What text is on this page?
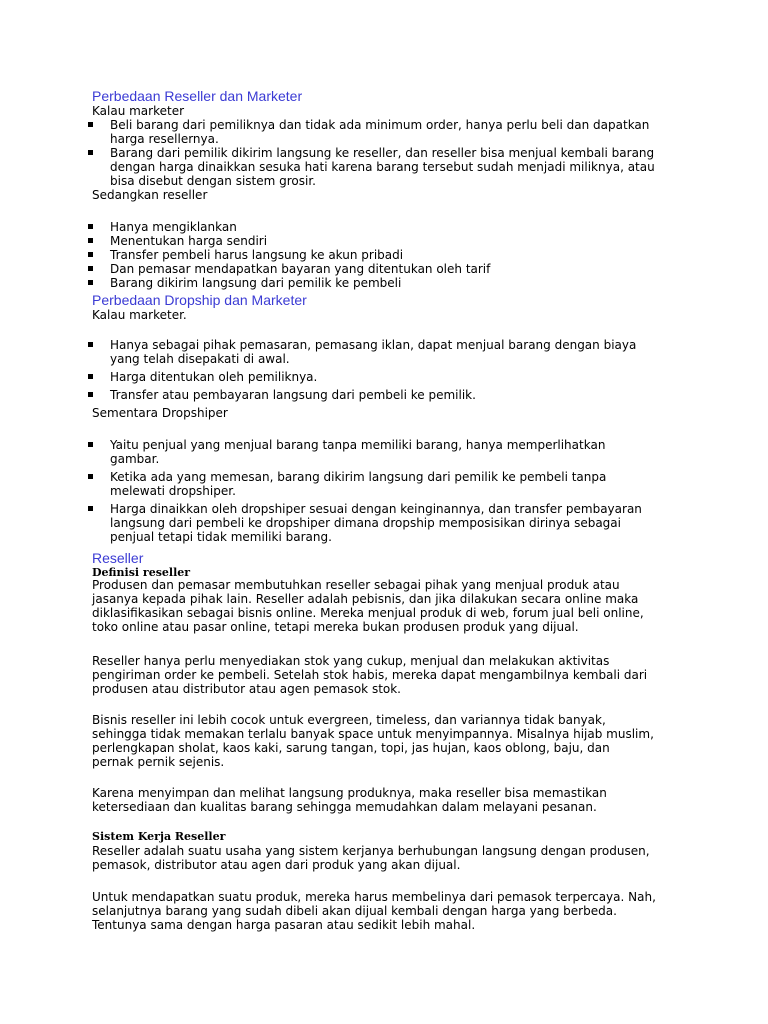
Perbedaan Reseller dan Marketer
Kalau marketer
Beli barang dari pemiliknya dan tidak ada minimum order, hanya perlu beli dan dapatkan
harga resellernya.
Barang dari pemilik dikirim langsung ke reseller, dan reseller bisa menjual kembali barang
dengan harga dinaikkan sesuka hati karena barang tersebut sudah menjadi miliknya, atau
bisa disebut dengan sistem grosir.
Sedangkan reseller
Hanya mengiklankan
Menentukan harga sendiri
Transfer pembeli harus langsung ke akun pribadi
Dan pemasar mendapatkan bayaran yang ditentukan oleh tarif
Barang dikirim langsung dari pemilik ke pembeli
Perbedaan Dropship dan Marketer
Kalau marketer.
Hanya sebagai pihak pemasaran, pemasang iklan, dapat menjual barang dengan biaya
yang telah disepakati di awal.
Harga ditentukan oleh pemiliknya.
Transfer atau pembayaran langsung dari pembeli ke pemilik.
Sementara Dropshiper
Yaitu penjual yang menjual barang tanpa memiliki barang, hanya memperlihatkan
gambar.
Ketika ada yang memesan, barang dikirim langsung dari pemilik ke pembeli tanpa
melewati dropshiper.
Harga dinaikkan oleh dropshiper sesuai dengan keinginannya, dan transfer pembayaran
langsung dari pembeli ke dropshiper dimana dropship memposisikan dirinya sebagai
penjual tetapi tidak memiliki barang.
Reseller
Definisi reseller
Produsen dan pemasar membutuhkan reseller sebagai pihak yang menjual produk atau
jasanya kepada pihak lain. Reseller adalah pebisnis, dan jika dilakukan secara online maka
diklasifikasikan sebagai bisnis online. Mereka menjual produk di web, forum jual beli online,
toko online atau pasar online, tetapi mereka bukan produsen produk yang dijual.
Reseller hanya perlu menyediakan stok yang cukup, menjual dan melakukan aktivitas
pengiriman order ke pembeli. Setelah stok habis, mereka dapat mengambilnya kembali dari
produsen atau distributor atau agen pemasok stok.
Bisnis reseller ini lebih cocok untuk evergreen, timeless, dan variannya tidak banyak,
sehingga tidak memakan terlalu banyak space untuk menyimpannya. Misalnya hijab muslim,
perlengkapan sholat, kaos kaki, sarung tangan, topi, jas hujan, kaos oblong, baju, dan
pernak pernik sejenis.
Karena menyimpan dan melihat langsung produknya, maka reseller bisa memastikan
ketersediaan dan kualitas barang sehingga memudahkan dalam melayani pesanan.
Sistem Kerja Reseller
Reseller adalah suatu usaha yang sistem kerjanya berhubungan langsung dengan produsen,
pemasok, distributor atau agen dari produk yang akan dijual.
Untuk mendapatkan suatu produk, mereka harus membelinya dari pemasok terpercaya. Nah,
selanjutnya barang yang sudah dibeli akan dijual kembali dengan harga yang berbeda.
Tentunya sama dengan harga pasaran atau sedikit lebih mahal.
